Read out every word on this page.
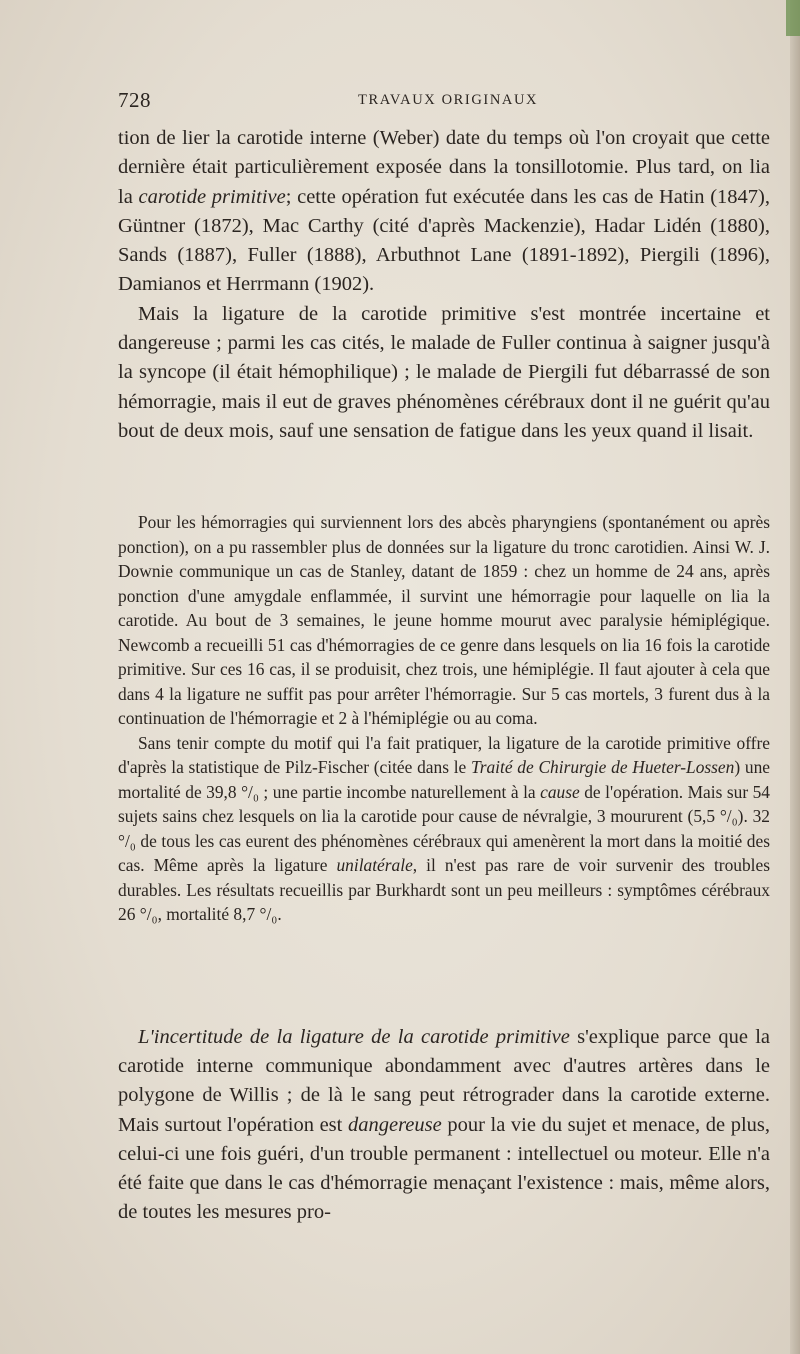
728	TRAVAUX ORIGINAUX

tion de lier la carotide interne (Weber) date du temps où l'on croyait que cette dernière était particulièrement exposée dans la tonsillotomie. Plus tard, on lia la carotide primitive; cette opération fut exécutée dans les cas de Hatin (1847), Güntner (1872), Mac Carthy (cité d'après Mackenzie), Hadar Lidén (1880), Sands (1887), Fuller (1888), Arbuthnot Lane (1891-1892), Piergili (1896), Damianos et Herrmann (1902).

Mais la ligature de la carotide primitive s'est montrée incertaine et dangereuse ; parmi les cas cités, le malade de Fuller continua à saigner jusqu'à la syncope (il était hémophilique) ; le malade de Piergili fut débarrassé de son hémorragie, mais il eut de graves phénomènes cérébraux dont il ne guérit qu'au bout de deux mois, sauf une sensation de fatigue dans les yeux quand il lisait.

Pour les hémorragies qui surviennent lors des abcès pharyngiens (spontanément ou après ponction), on a pu rassembler plus de données sur la ligature du tronc carotidien. Ainsi W. J. Downie communique un cas de Stanley, datant de 1859 : chez un homme de 24 ans, après ponction d'une amygdale enflammée, il survint une hémorragie pour laquelle on lia la carotide. Au bout de 3 semaines, le jeune homme mourut avec paralysie hémiplégique. Newcomb a recueilli 51 cas d'hémorragies de ce genre dans lesquels on lia 16 fois la carotide primitive. Sur ces 16 cas, il se produisit, chez trois, une hémiplégie. Il faut ajouter à cela que dans 4 la ligature ne suffit pas pour arrêter l'hémorragie. Sur 5 cas mortels, 3 furent dus à la continuation de l'hémorragie et 2 à l'hémiplégie ou au coma.

Sans tenir compte du motif qui l'a fait pratiquer, la ligature de la carotide primitive offre d'après la statistique de Pilz-Fischer (citée dans le Traité de Chirurgie de Hueter-Lossen) une mortalité de 39,8 °/₀ ; une partie incombe naturellement à la cause de l'opération. Mais sur 54 sujets sains chez lesquels on lia la carotide pour cause de névralgie, 3 moururent (5,5 °/₀). 32 °/₀ de tous les cas eurent des phénomènes cérébraux qui amenèrent la mort dans la moitié des cas. Même après la ligature unilatérale, il n'est pas rare de voir survenir des troubles durables. Les résultats recueillis par Burkhardt sont un peu meilleurs : symptômes cérébraux 26 °/₀, mortalité 8,7 °/₀.

L'incertitude de la ligature de la carotide primitive s'explique parce que la carotide interne communique abondamment avec d'autres artères dans le polygone de Willis ; de là le sang peut rétrograder dans la carotide externe. Mais surtout l'opération est dangereuse pour la vie du sujet et menace, de plus, celui-ci une fois guéri, d'un trouble permanent : intellectuel ou moteur. Elle n'a été faite que dans le cas d'hémorragie menaçant l'existence : mais, même alors, de toutes les mesures pro-
